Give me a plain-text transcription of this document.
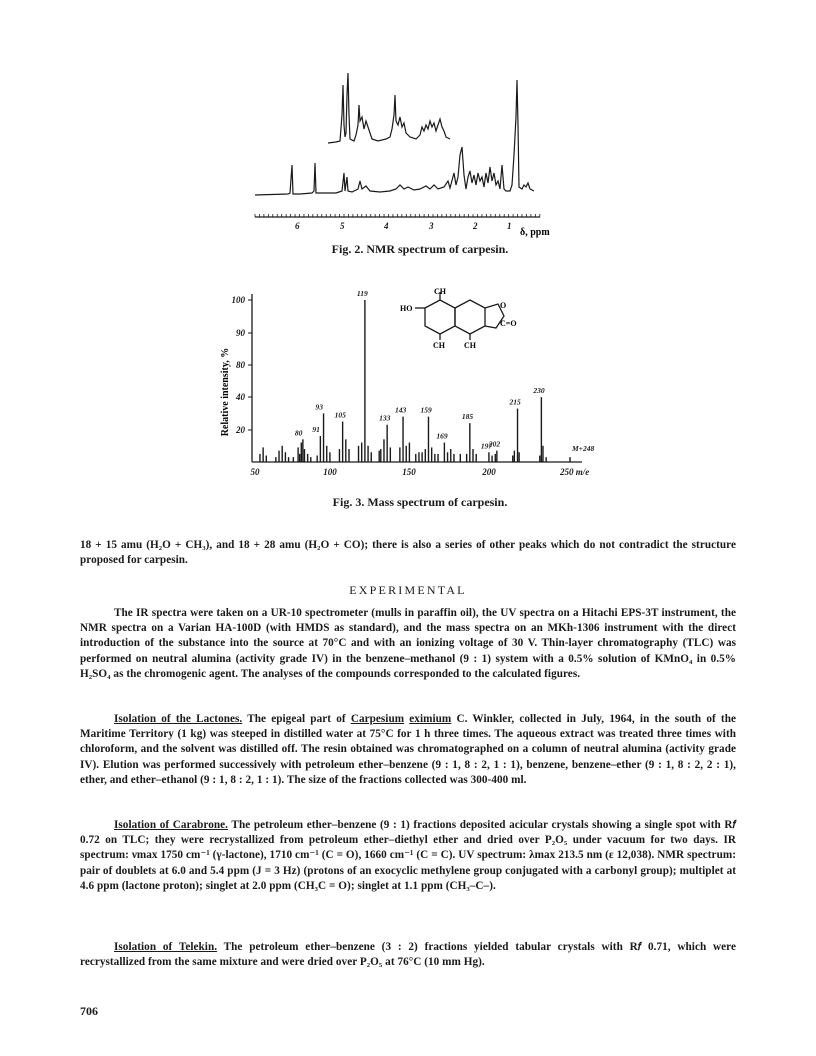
6	5	4	3	2	1
δ, ppm
Fig. 2. NMR spectrum of carpesin.
Relative intensity, %
100
90
80
40
20
50	100	150	200	250 m/e
80 91
93
105
119
133
143 159
169
185
197
202
215
230
M+248
CH
HO	O
C=O
CH CH
Fig. 3. Mass spectrum of carpesin.

18 + 15 amu (H₂O + CH₃), and 18 + 28 amu (H₂O + CO); there is also a series of other peaks which do not contradict the structure proposed for carpesin.

EXPERIMENTAL

The IR spectra were taken on a UR-10 spectrometer (mulls in paraffin oil), the UV spectra on a Hitachi EPS-3T instrument, the NMR spectra on a Varian HA-100D (with HMDS as standard), and the mass spectra on an MKh-1306 instrument with the direct introduction of the substance into the source at 70°C and with an ionizing voltage of 30 V. Thin-layer chromatography (TLC) was performed on neutral alumina (activity grade IV) in the benzene–methanol (9 : 1) system with a 0.5% solution of KMnO₄ in 0.5% H₂SO₄ as the chromogenic agent. The analyses of the compounds corresponded to the calculated figures.

Isolation of the Lactones. The epigeal part of Carpesium eximium C. Winkler, collected in July, 1964, in the south of the Maritime Territory (1 kg) was steeped in distilled water at 75°C for 1 h three times. The aqueous extract was treated three times with chloroform, and the solvent was distilled off. The resin obtained was chromatographed on a column of neutral alumina (activity grade IV). Elution was performed successively with petroleum ether–benzene (9 : 1, 8 : 2, 1 : 1), benzene, benzene–ether (9 : 1, 8 : 2, 2 : 1), ether, and ether–ethanol (9 : 1, 8 : 2, 1 : 1). The size of the fractions collected was 300-400 ml.

Isolation of Carabrone. The petroleum ether–benzene (9 : 1) fractions deposited acicular crystals showing a single spot with R𝑓 0.72 on TLC; they were recrystallized from petroleum ether–diethyl ether and dried over P₂O₅ under vacuum for two days. IR spectrum: νmax 1750 cm⁻¹ (γ-lactone), 1710 cm⁻¹ (C = O), 1660 cm⁻¹ (C = C). UV spectrum: λmax 213.5 nm (ε 12,038). NMR spectrum: pair of doublets at 6.0 and 5.4 ppm (J = 3 Hz) (protons of an exocyclic methylene group conjugated with a carbonyl group); multiplet at 4.6 ppm (lactone proton); singlet at 2.0 ppm (CH₃C = O); singlet at 1.1 ppm (CH₃–C–).

Isolation of Telekin. The petroleum ether–benzene (3 : 2) fractions yielded tabular crystals with R𝑓 0.71, which were recrystallized from the same mixture and were dried over P₂O₅ at 76°C (10 mm Hg).

706
